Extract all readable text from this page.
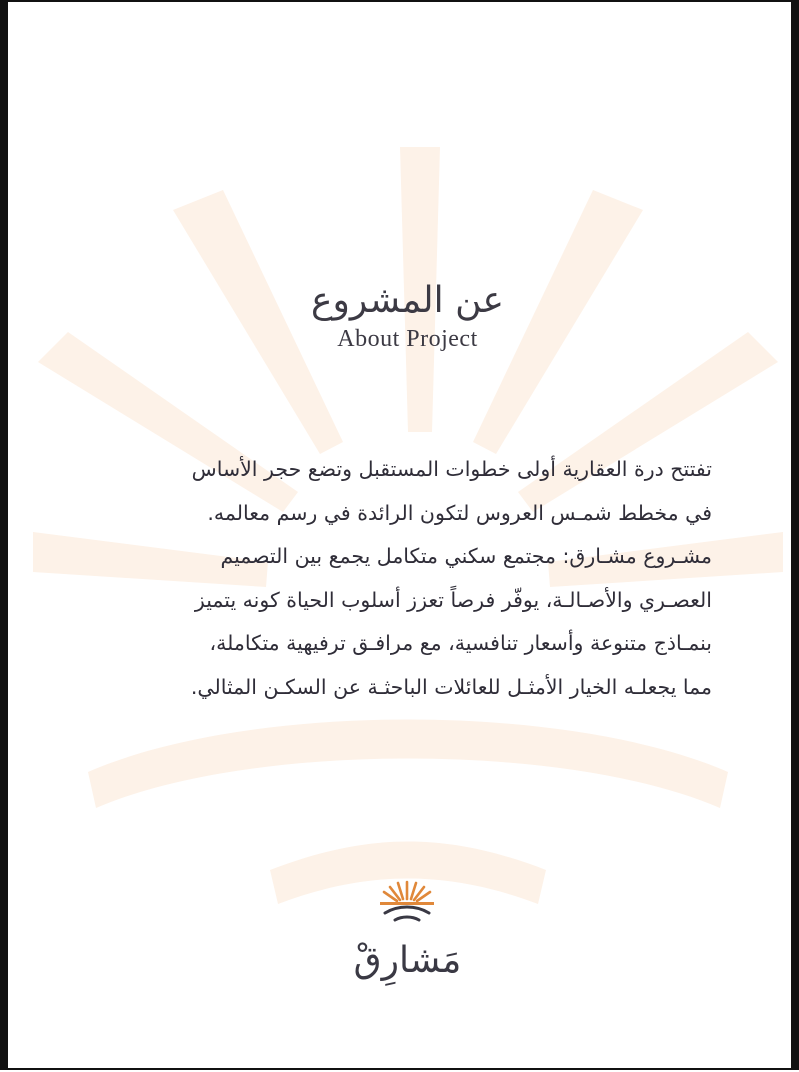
عن المشروع
About Project
تفتتح درة العقارية أولى خطوات المستقبل وتضع حجر الأساس
في مخطط شمـس العروس لتكون الرائدة في رسم معالمه.
مشـروع مشـارق: مجتمع سكني متكامل يجمع بين التصميم
العصـري والأصـالـة، يوفّر فرصاً تعزز أسلوب الحياة كونه يتميز
بنمـاذج متنوعة وأسعار تنافسية، مع مرافـق ترفيهية متكاملة،
مما يجعلـه الخيار الأمثـل للعائلات الباحثـة عن السكـن المثالي.
مَشارِقْ
